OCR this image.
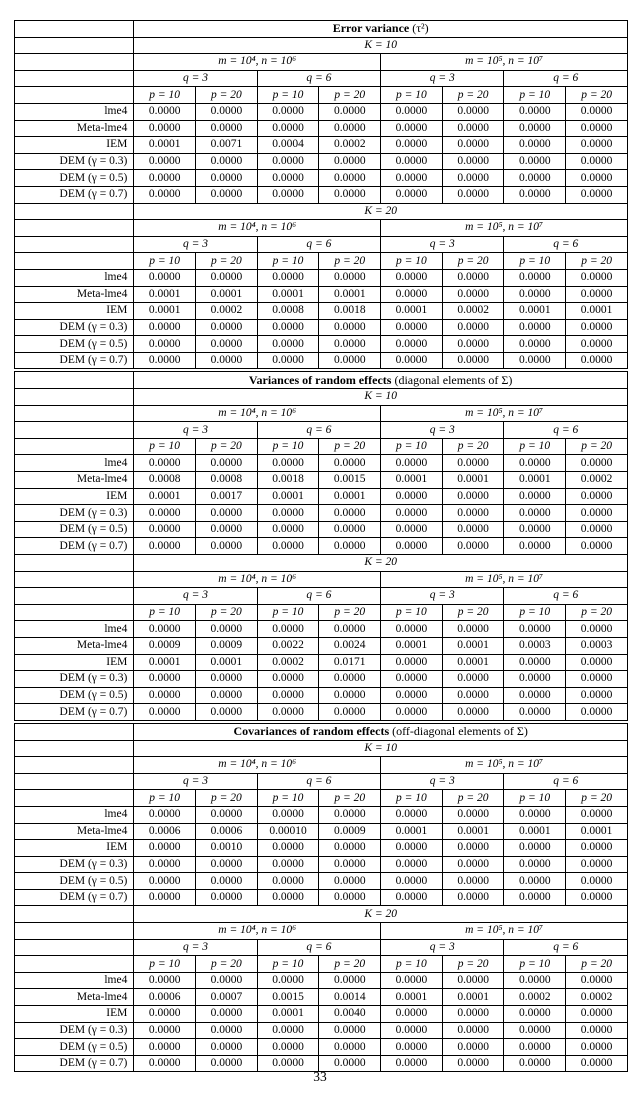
	Error variance (τ²)							
	K = 10							
	m = 10⁴, n = 10⁶				m = 10⁵, n = 10⁷			
	q = 3		q = 6		q = 3		q = 6	
	p = 10	p = 20	p = 10	p = 20	p = 10	p = 20	p = 10	p = 20
lme4	0.0000	0.0000	0.0000	0.0000	0.0000	0.0000	0.0000	0.0000
Meta-lme4	0.0000	0.0000	0.0000	0.0000	0.0000	0.0000	0.0000	0.0000
IEM	0.0001	0.0071	0.0004	0.0002	0.0000	0.0000	0.0000	0.0000
DEM (γ = 0.3)	0.0000	0.0000	0.0000	0.0000	0.0000	0.0000	0.0000	0.0000
DEM (γ = 0.5)	0.0000	0.0000	0.0000	0.0000	0.0000	0.0000	0.0000	0.0000
DEM (γ = 0.7)	0.0000	0.0000	0.0000	0.0000	0.0000	0.0000	0.0000	0.0000
	K = 20							
	m = 10⁴, n = 10⁶				m = 10⁵, n = 10⁷			
	q = 3		q = 6		q = 3		q = 6	
	p = 10	p = 20	p = 10	p = 20	p = 10	p = 20	p = 10	p = 20
lme4	0.0000	0.0000	0.0000	0.0000	0.0000	0.0000	0.0000	0.0000
Meta-lme4	0.0001	0.0001	0.0001	0.0001	0.0000	0.0000	0.0000	0.0000
IEM	0.0001	0.0002	0.0008	0.0018	0.0001	0.0002	0.0001	0.0001
DEM (γ = 0.3)	0.0000	0.0000	0.0000	0.0000	0.0000	0.0000	0.0000	0.0000
DEM (γ = 0.5)	0.0000	0.0000	0.0000	0.0000	0.0000	0.0000	0.0000	0.0000
DEM (γ = 0.7)	0.0000	0.0000	0.0000	0.0000	0.0000	0.0000	0.0000	0.0000
	Variances of random effects (diagonal elements of Σ)							
	K = 10							
	m = 10⁴, n = 10⁶				m = 10⁵, n = 10⁷			
	q = 3		q = 6		q = 3		q = 6	
	p = 10	p = 20	p = 10	p = 20	p = 10	p = 20	p = 10	p = 20
lme4	0.0000	0.0000	0.0000	0.0000	0.0000	0.0000	0.0000	0.0000
Meta-lme4	0.0008	0.0008	0.0018	0.0015	0.0001	0.0001	0.0001	0.0002
IEM	0.0001	0.0017	0.0001	0.0001	0.0000	0.0000	0.0000	0.0000
DEM (γ = 0.3)	0.0000	0.0000	0.0000	0.0000	0.0000	0.0000	0.0000	0.0000
DEM (γ = 0.5)	0.0000	0.0000	0.0000	0.0000	0.0000	0.0000	0.0000	0.0000
DEM (γ = 0.7)	0.0000	0.0000	0.0000	0.0000	0.0000	0.0000	0.0000	0.0000
	K = 20							
	m = 10⁴, n = 10⁶				m = 10⁵, n = 10⁷			
	q = 3		q = 6		q = 3		q = 6	
	p = 10	p = 20	p = 10	p = 20	p = 10	p = 20	p = 10	p = 20
lme4	0.0000	0.0000	0.0000	0.0000	0.0000	0.0000	0.0000	0.0000
Meta-lme4	0.0009	0.0009	0.0022	0.0024	0.0001	0.0001	0.0003	0.0003
IEM	0.0001	0.0001	0.0002	0.0171	0.0000	0.0001	0.0000	0.0000
DEM (γ = 0.3)	0.0000	0.0000	0.0000	0.0000	0.0000	0.0000	0.0000	0.0000
DEM (γ = 0.5)	0.0000	0.0000	0.0000	0.0000	0.0000	0.0000	0.0000	0.0000
DEM (γ = 0.7)	0.0000	0.0000	0.0000	0.0000	0.0000	0.0000	0.0000	0.0000
	Covariances of random effects (off-diagonal elements of Σ)							
	K = 10							
	m = 10⁴, n = 10⁶				m = 10⁵, n = 10⁷			
	q = 3		q = 6		q = 3		q = 6	
	p = 10	p = 20	p = 10	p = 20	p = 10	p = 20	p = 10	p = 20
lme4	0.0000	0.0000	0.0000	0.0000	0.0000	0.0000	0.0000	0.0000
Meta-lme4	0.0006	0.0006	0.00010	0.0009	0.0001	0.0001	0.0001	0.0001
IEM	0.0000	0.0010	0.0000	0.0000	0.0000	0.0000	0.0000	0.0000
DEM (γ = 0.3)	0.0000	0.0000	0.0000	0.0000	0.0000	0.0000	0.0000	0.0000
DEM (γ = 0.5)	0.0000	0.0000	0.0000	0.0000	0.0000	0.0000	0.0000	0.0000
DEM (γ = 0.7)	0.0000	0.0000	0.0000	0.0000	0.0000	0.0000	0.0000	0.0000
	K = 20							
	m = 10⁴, n = 10⁶				m = 10⁵, n = 10⁷			
	q = 3		q = 6		q = 3		q = 6	
	p = 10	p = 20	p = 10	p = 20	p = 10	p = 20	p = 10	p = 20
lme4	0.0000	0.0000	0.0000	0.0000	0.0000	0.0000	0.0000	0.0000
Meta-lme4	0.0006	0.0007	0.0015	0.0014	0.0001	0.0001	0.0002	0.0002
IEM	0.0000	0.0000	0.0001	0.0040	0.0000	0.0000	0.0000	0.0000
DEM (γ = 0.3)	0.0000	0.0000	0.0000	0.0000	0.0000	0.0000	0.0000	0.0000
DEM (γ = 0.5)	0.0000	0.0000	0.0000	0.0000	0.0000	0.0000	0.0000	0.0000
DEM (γ = 0.7)	0.0000	0.0000	0.0000	0.0000	0.0000	0.0000	0.0000	0.0000
33
